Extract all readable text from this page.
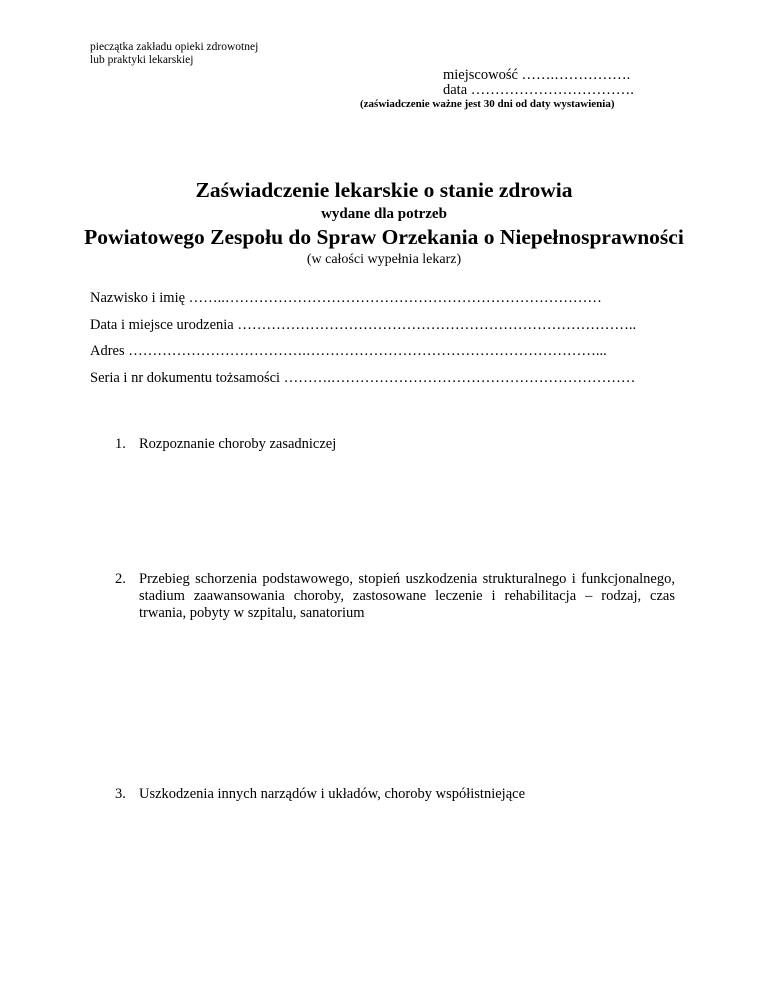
pieczątka zakładu opieki zdrowotnej
lub praktyki lekarskiej
miejscowość …….…………….
data …………………………….
(zaświadczenie ważne jest 30 dni od daty wystawienia)
Zaświadczenie lekarskie o stanie zdrowia
wydane dla potrzeb
Powiatowego Zespołu do Spraw Orzekania o Niepełnosprawności
(w całości wypełnia lekarz)
Nazwisko i imię ……..……………………………………………………………………
Data i miejsce urodzenia ………………………………………………………………………..
Adres ……………………………….……………………………………………………...
Seria i nr dokumentu tożsamości ……….………………………………………………………
1. Rozpoznanie choroby zasadniczej
2. Przebieg schorzenia podstawowego, stopień uszkodzenia strukturalnego i funkcjonalnego, stadium zaawansowania choroby, zastosowane leczenie i rehabilitacja – rodzaj, czas trwania, pobyty w szpitalu, sanatorium
3. Uszkodzenia innych narządów i układów, choroby współistniejące
